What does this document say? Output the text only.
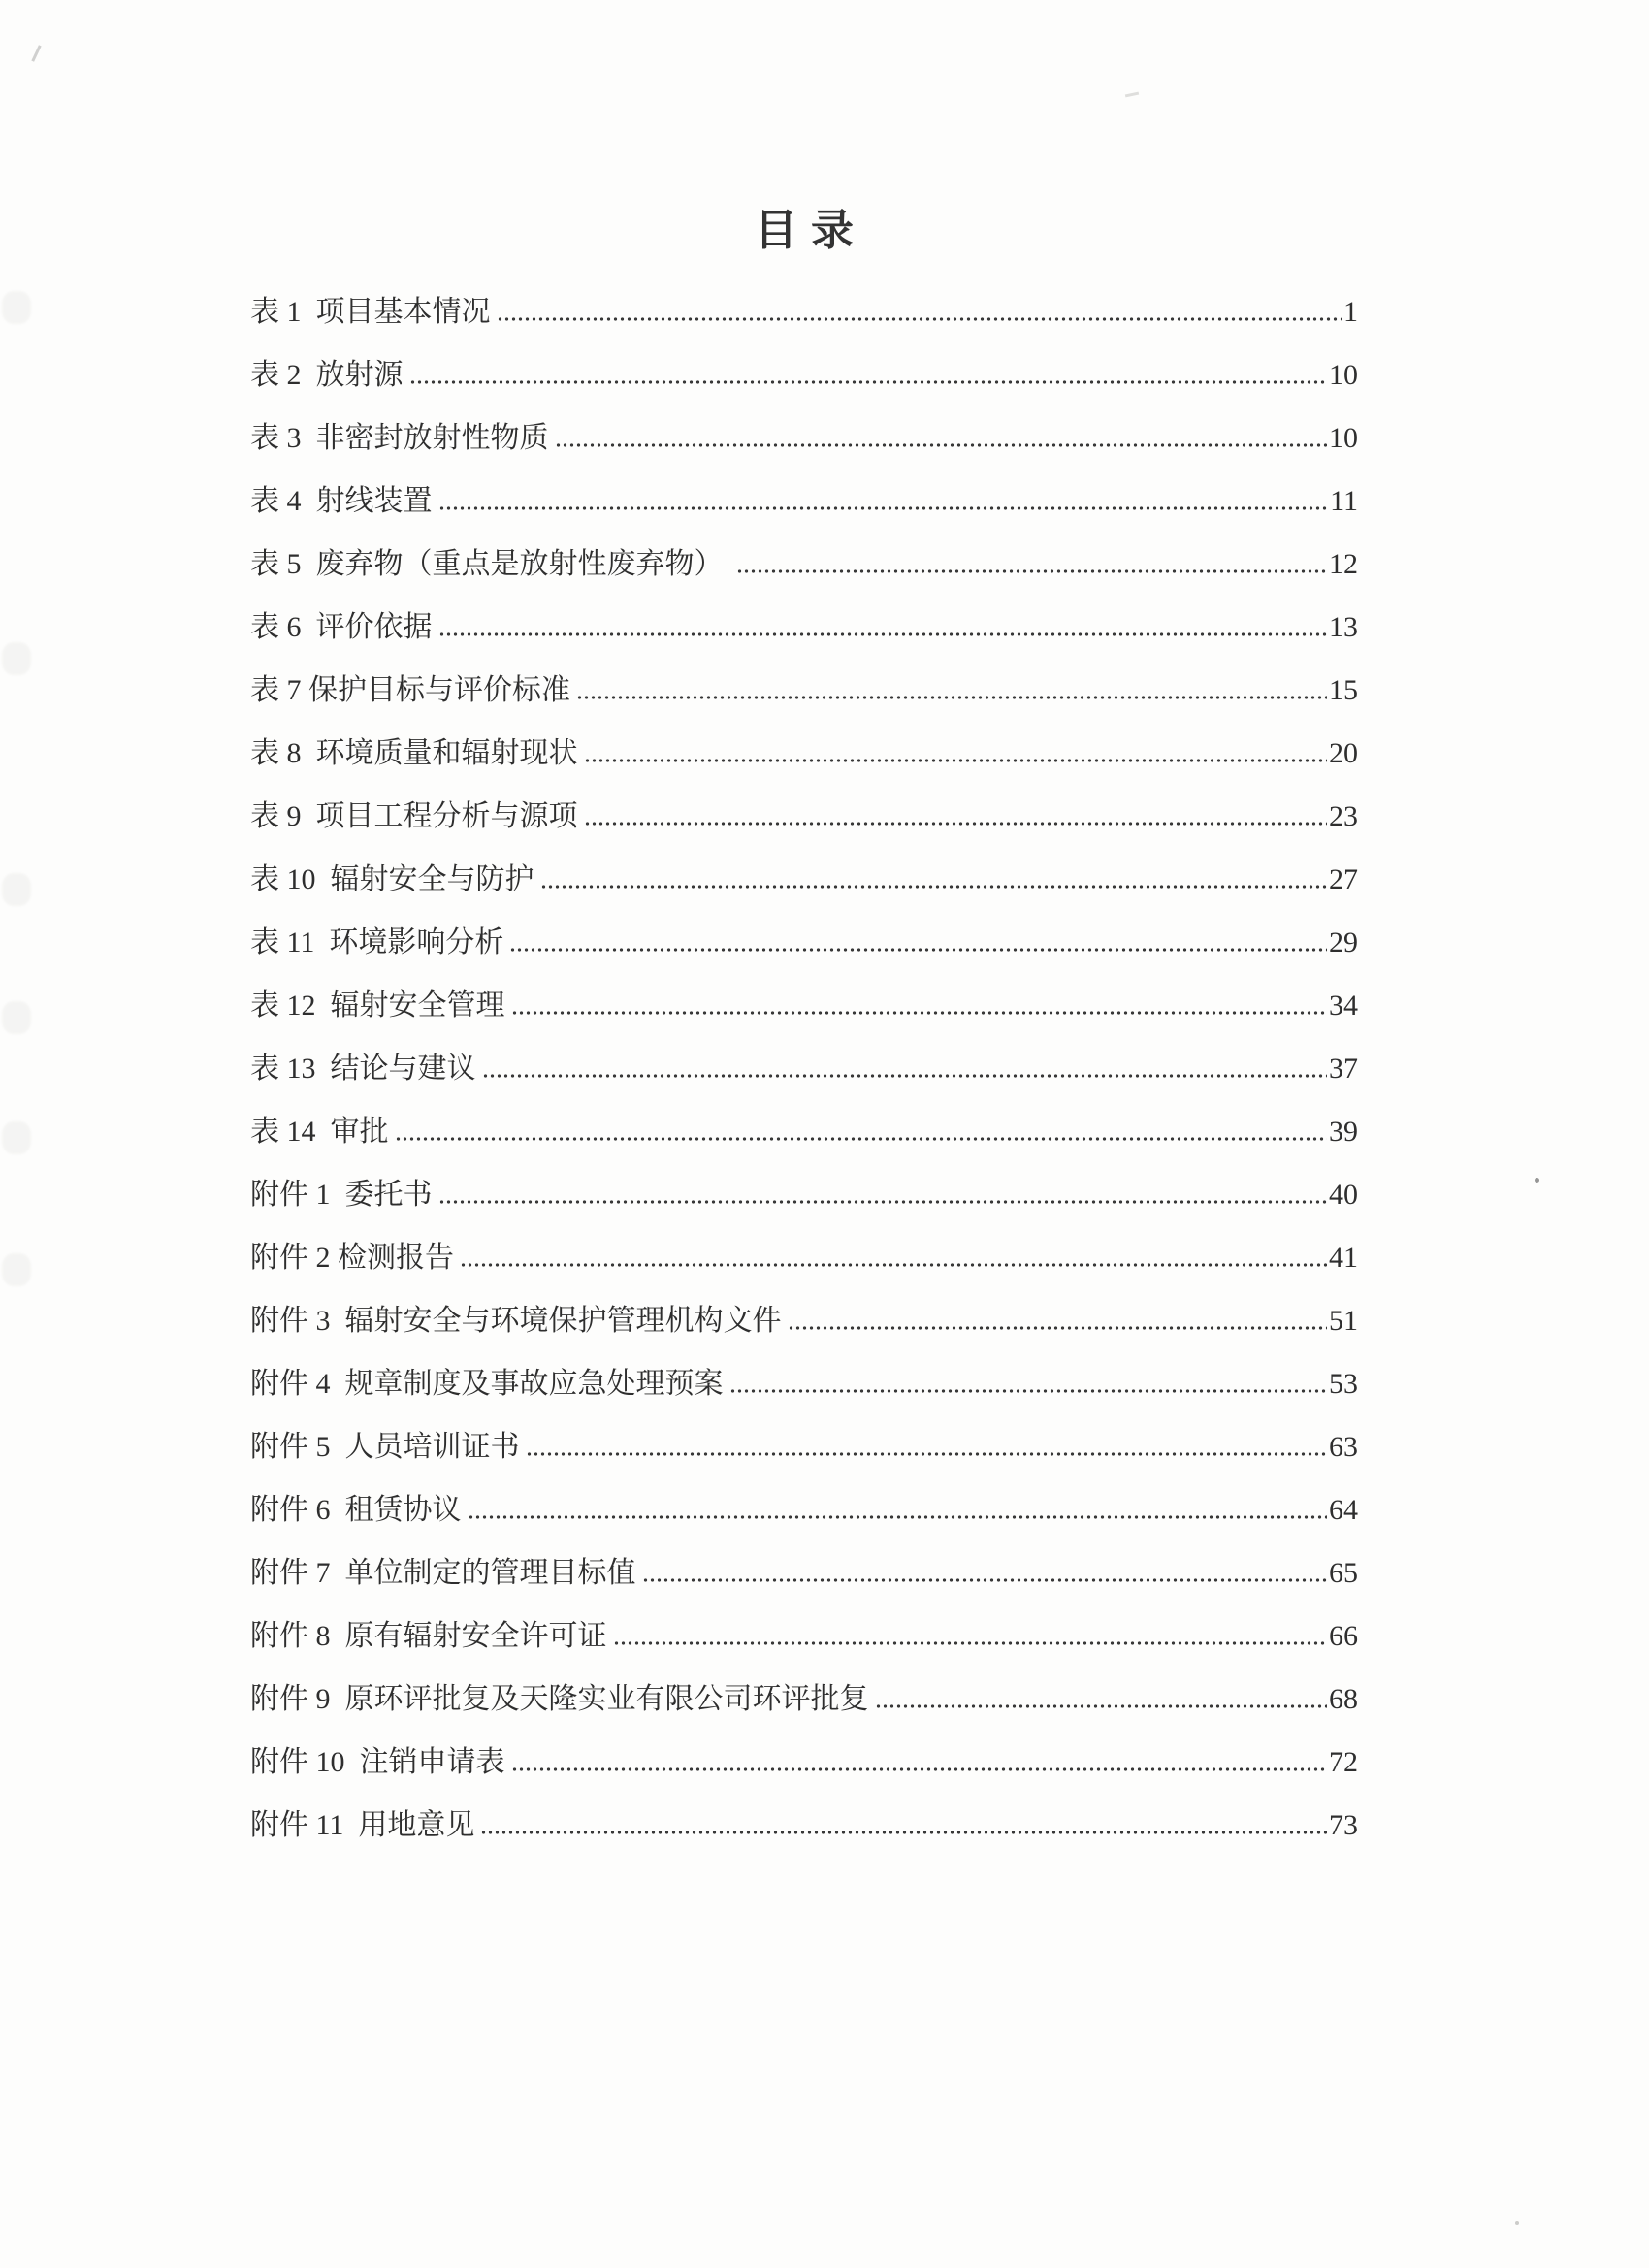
目录
表 1  项目基本情况	1
表 2  放射源	10
表 3  非密封放射性物质	10
表 4  射线装置	11
表 5  废弃物（重点是放射性废弃物）	12
表 6  评价依据	13
表 7 保护目标与评价标准	15
表 8  环境质量和辐射现状	20
表 9  项目工程分析与源项	23
表 10  辐射安全与防护	27
表 11  环境影响分析	29
表 12  辐射安全管理	34
表 13  结论与建议	37
表 14  审批	39
附件 1  委托书	40
附件 2 检测报告	41
附件 3  辐射安全与环境保护管理机构文件	51
附件 4  规章制度及事故应急处理预案	53
附件 5  人员培训证书	63
附件 6  租赁协议	64
附件 7  单位制定的管理目标值	65
附件 8  原有辐射安全许可证	66
附件 9  原环评批复及天隆实业有限公司环评批复	68
附件 10  注销申请表	72
附件 11  用地意见	73
